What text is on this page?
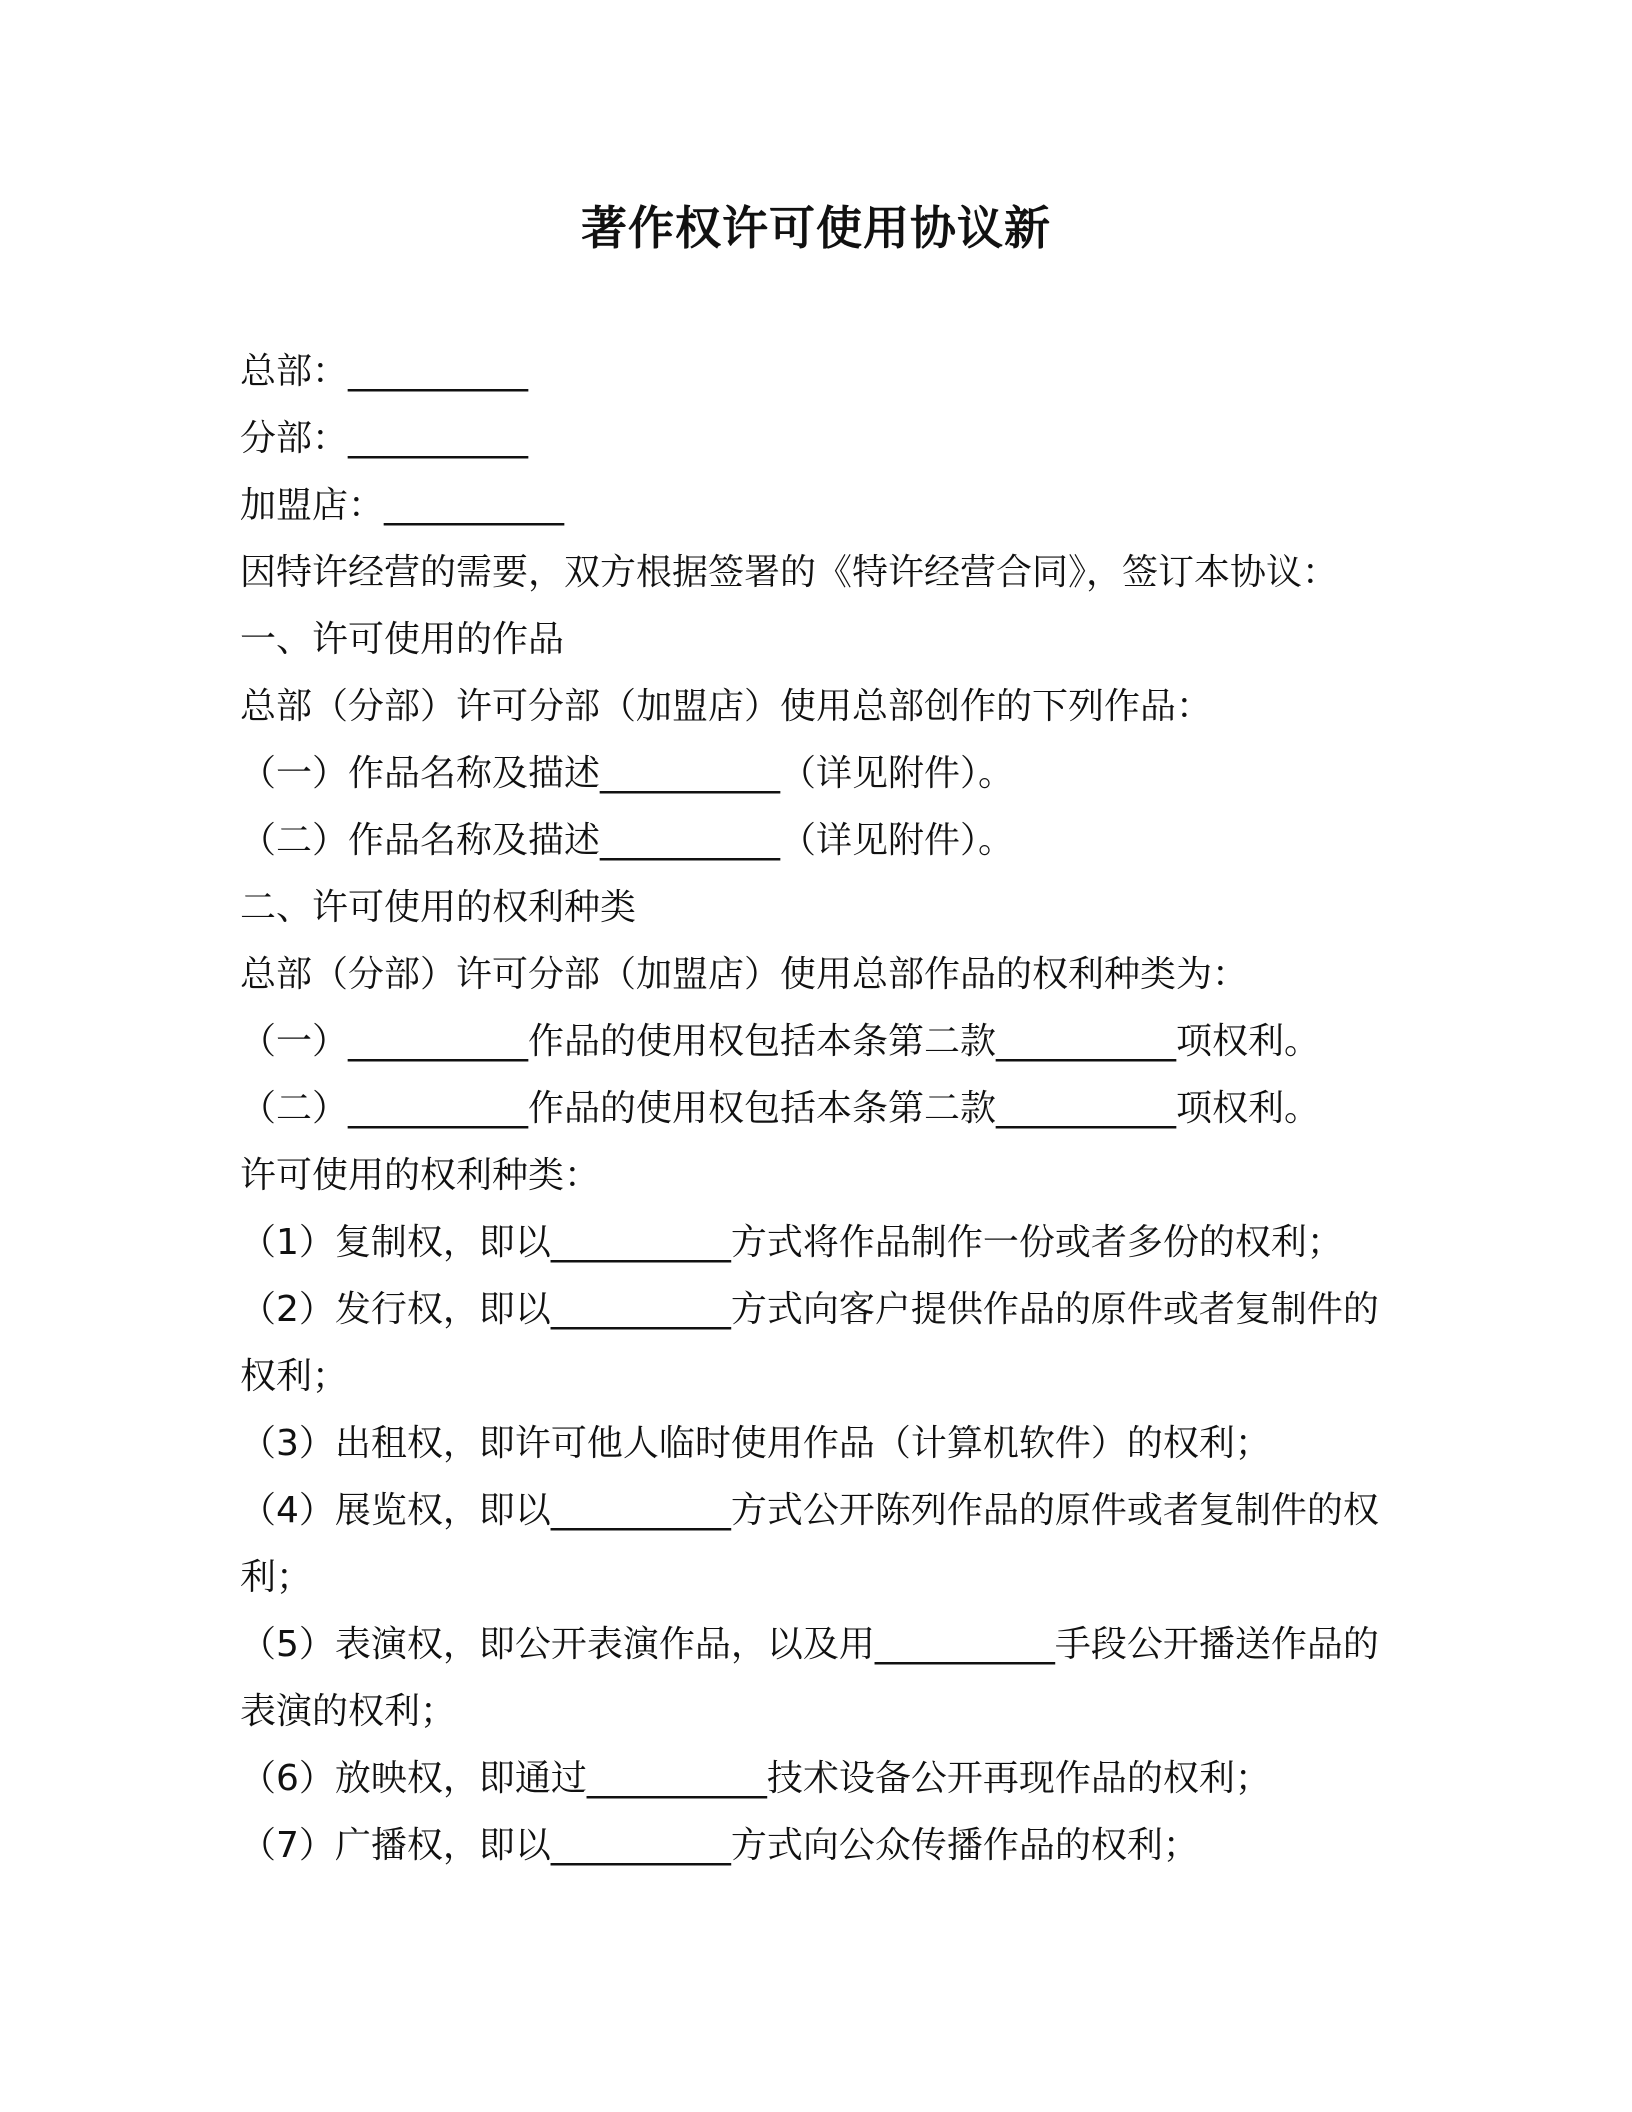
著作权许可使用协议新

总部：__________

分部：__________

加盟店：__________

因特许经营的需要，双方根据签署的《特许经营合同》，签订本协议：

一、许可使用的作品

总部（分部）许可分部（加盟店）使用总部创作的下列作品：

（一）作品名称及描述__________（详见附件）。

（二）作品名称及描述__________（详见附件）。

二、许可使用的权利种类

总部（分部）许可分部（加盟店）使用总部作品的权利种类为：

（一）__________作品的使用权包括本条第二款__________项权利。

（二）__________作品的使用权包括本条第二款__________项权利。

许可使用的权利种类：

（1）复制权，即以__________方式将作品制作一份或者多份的权利；

（2）发行权，即以__________方式向客户提供作品的原件或者复制件的权利；

（3）出租权，即许可他人临时使用作品（计算机软件）的权利；

（4）展览权，即以__________方式公开陈列作品的原件或者复制件的权利；

（5）表演权，即公开表演作品，以及用__________手段公开播送作品的表演的权利；

（6）放映权，即通过__________技术设备公开再现作品的权利；

（7）广播权，即以__________方式向公众传播作品的权利；
